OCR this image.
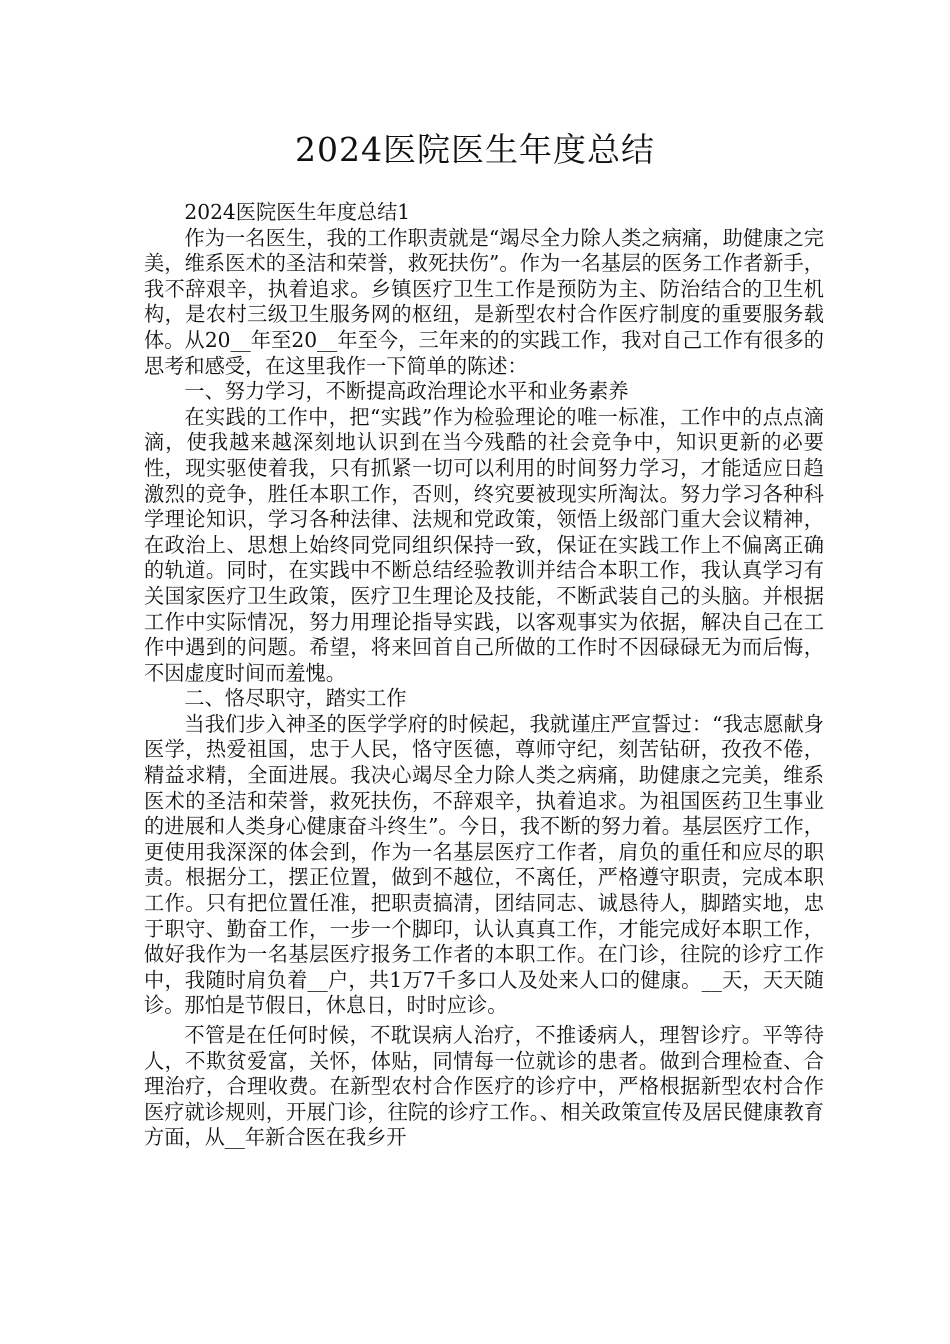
2024医院医生年度总结

2024医院医生年度总结1

作为一名医生，我的工作职责就是“竭尽全力除人类之病痛，助健康之完美，维系医术的圣洁和荣誉，救死扶伤”。作为一名基层的医务工作者新手，我不辞艰辛，执着追求。乡镇医疗卫生工作是预防为主、防治结合的卫生机构，是农村三级卫生服务网的枢纽，是新型农村合作医疗制度的重要服务载体。从20__年至20__年至今，三年来的的实践工作，我对自己工作有很多的思考和感受，在这里我作一下简单的陈述：

一、努力学习，不断提高政治理论水平和业务素养

在实践的工作中，把“实践”作为检验理论的唯一标准，工作中的点点滴滴，使我越来越深刻地认识到在当今残酷的社会竞争中，知识更新的必要性，现实驱使着我，只有抓紧一切可以利用的时间努力学习，才能适应日趋激烈的竞争，胜任本职工作，否则，终究要被现实所淘汰。努力学习各种科学理论知识，学习各种法律、法规和党政策，领悟上级部门重大会议精神，在政治上、思想上始终同党同组织保持一致，保证在实践工作上不偏离正确的轨道。同时，在实践中不断总结经验教训并结合本职工作，我认真学习有关国家医疗卫生政策，医疗卫生理论及技能，不断武装自己的头脑。并根据工作中实际情况，努力用理论指导实践，以客观事实为依据，解决自己在工作中遇到的问题。希望，将来回首自己所做的工作时不因碌碌无为而后悔，不因虚度时间而羞愧。

二、恪尽职守，踏实工作

当我们步入神圣的医学学府的时候起，我就谨庄严宣誓过：“我志愿献身医学，热爱祖国，忠于人民，恪守医德，尊师守纪，刻苦钻研，孜孜不倦，精益求精，全面进展。我决心竭尽全力除人类之病痛，助健康之完美，维系医术的圣洁和荣誉，救死扶伤，不辞艰辛，执着追求。为祖国医药卫生事业的进展和人类身心健康奋斗终生”。今日，我不断的努力着。基层医疗工作，更使用我深深的体会到，作为一名基层医疗工作者，肩负的重任和应尽的职责。根据分工，摆正位置，做到不越位，不离任，严格遵守职责，完成本职工作。只有把位置任准，把职责搞清，团结同志、诚恳待人，脚踏实地，忠于职守、勤奋工作，一步一个脚印，认认真真工作，才能完成好本职工作，做好我作为一名基层医疗报务工作者的本职工作。在门诊，往院的诊疗工作中，我随时肩负着__户，共1万7千多口人及处来人口的健康。__天，天天随诊。那怕是节假日，休息日，时时应诊。

不管是在任何时候，不耽误病人治疗，不推诿病人，理智诊疗。平等待人，不欺贫爱富，关怀，体贴，同情每一位就诊的患者。做到合理检查、合理治疗，合理收费。在新型农村合作医疗的诊疗中，严格根据新型农村合作医疗就诊规则，开展门诊，往院的诊疗工作。、相关政策宣传及居民健康教育方面，从__年新合医在我乡开
